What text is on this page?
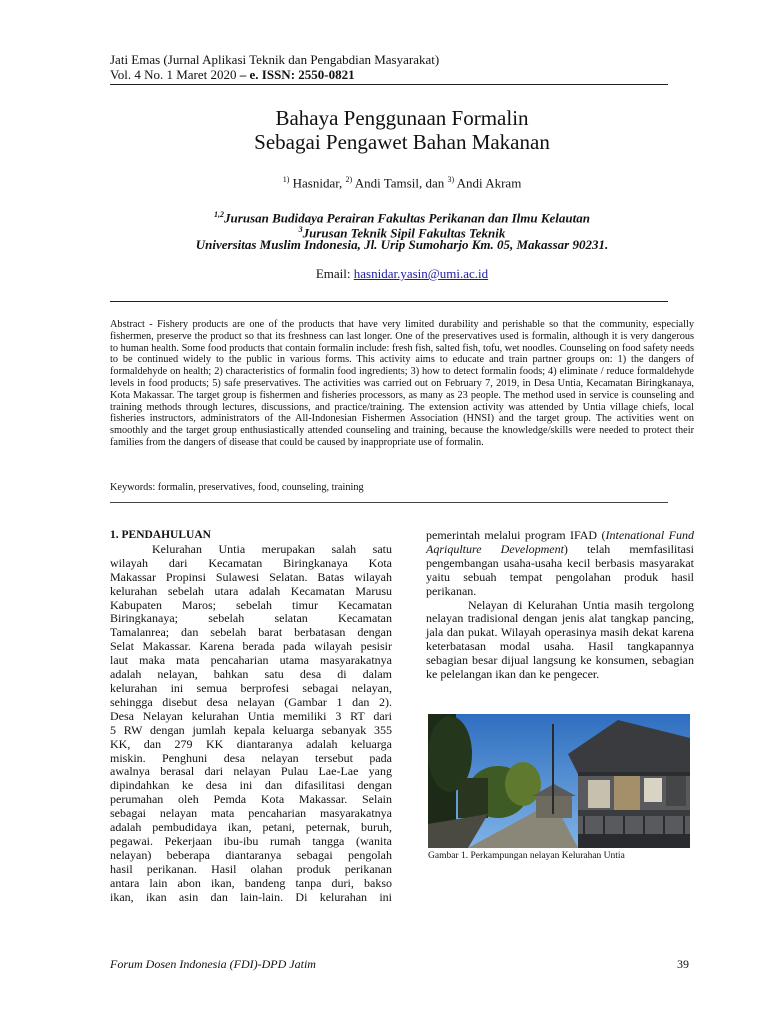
Jati Emas (Jurnal Aplikasi Teknik dan Pengabdian Masyarakat)
Vol. 4 No. 1 Maret 2020 – e. ISSN: 2550-0821
Bahaya Penggunaan Formalin
Sebagai Pengawet Bahan Makanan
$^{1)}$ Hasnidar, $^{2)}$ Andi Tamsil, dan $^{3)}$ Andi Akram
$^{1,2}$Jurusan Budidaya Perairan Fakultas Perikanan dan Ilmu Kelautan
$^3$Jurusan Teknik Sipil Fakultas Teknik
Universitas Muslim Indonesia, Jl. Urip Sumoharjo Km. 05, Makassar 90231.
Email: hasnidar.yasin@umi.ac.id
Abstract - Fishery products are one of the products that have very limited durability and perishable so that the community, especially fishermen, preserve the product so that its freshness can last longer. One of the preservatives used is formalin, although it is very dangerous to human health. Some food products that contain formalin include: fresh fish, salted fish, tofu, wet noodles. Counseling on food safety needs to be continued widely to the public in various forms. This activity aims to educate and train partner groups on: 1) the dangers of formaldehyde on health; 2) characteristics of formalin food ingredients; 3) how to detect formalin foods; 4) eliminate / reduce formaldehyde levels in food products; 5) safe preservatives. The activities was carried out on February 7, 2019, in Desa Untia, Kecamatan Biringkanaya, Kota Makassar. The target group is fishermen and fisheries processors, as many as 23 people. The method used in service is counseling and training methods through lectures, discussions, and practice/training. The extension activity was attended by Untia village chiefs, local fisheries instructors, administrators of the All-Indonesian Fishermen Association (HNSI) and the target group. The activities went on smoothly and the target group enthusiastically attended counseling and training, because the knowledge/skills were needed to protect their families from the dangers of disease that could be caused by inappropriate use of formalin.
Keywords: formalin, preservatives, food, counseling, training
1. PENDAHULUAN
Kelurahan Untia merupakan salah satu
wilayah dari Kecamatan Biringkanaya Kota
Makassar Propinsi Sulawesi Selatan. Batas wilayah
kelurahan sebelah utara adalah Kecamatan Marusu
Kabupaten Maros; sebelah timur Kecamatan
Biringkanaya; sebelah selatan Kecamatan
Tamalanrea; dan sebelah barat berbatasan dengan
Selat Makassar. Karena berada pada wilayah pesisir
laut maka mata pencaharian utama masyarakatnya
adalah nelayan, bahkan satu desa di dalam
kelurahan ini semua berprofesi sebagai nelayan,
sehingga disebut desa nelayan (Gambar 1 dan 2).
Desa Nelayan kelurahan Untia memiliki 3 RT dari
5 RW dengan jumlah kepala keluarga sebanyak 355
KK, dan 279 KK diantaranya adalah keluarga
miskin. Penghuni desa nelayan tersebut pada
awalnya berasal dari nelayan Pulau Lae-Lae yang
dipindahkan ke desa ini dan difasilitasi dengan
perumahan oleh Pemda Kota Makassar. Selain
sebagai nelayan mata pencaharian masyarakatnya
adalah pembudidaya ikan, petani, peternak, buruh,
pegawai. Pekerjaan ibu-ibu rumah tangga (wanita
nelayan) beberapa diantaranya sebagai pengolah
hasil perikanan. Hasil olahan produk perikanan
antara lain abon ikan, bandeng tanpa duri, bakso
ikan, ikan asin dan lain-lain. Di kelurahan ini

pemerintah melalui program IFAD (Intenational Fund Aqriqulture Development) telah memfasilitasi pengembangan usaha-usaha kecil berbasis masyarakat yaitu sebuah tempat pengolahan produk hasil perikanan.

Nelayan di Kelurahan Untia masih tergolong nelayan tradisional dengan jenis alat tangkap pancing, jala dan pukat. Wilayah operasinya masih dekat karena keterbatasan modal usaha. Hasil tangkapannya sebagian besar dijual langsung ke konsumen, sebagian ke pelelangan ikan dan ke pengecer.

Gambar 1. Perkampungan nelayan Kelurahan Untia
Forum Dosen Indonesia (FDI)-DPD Jatim	39
